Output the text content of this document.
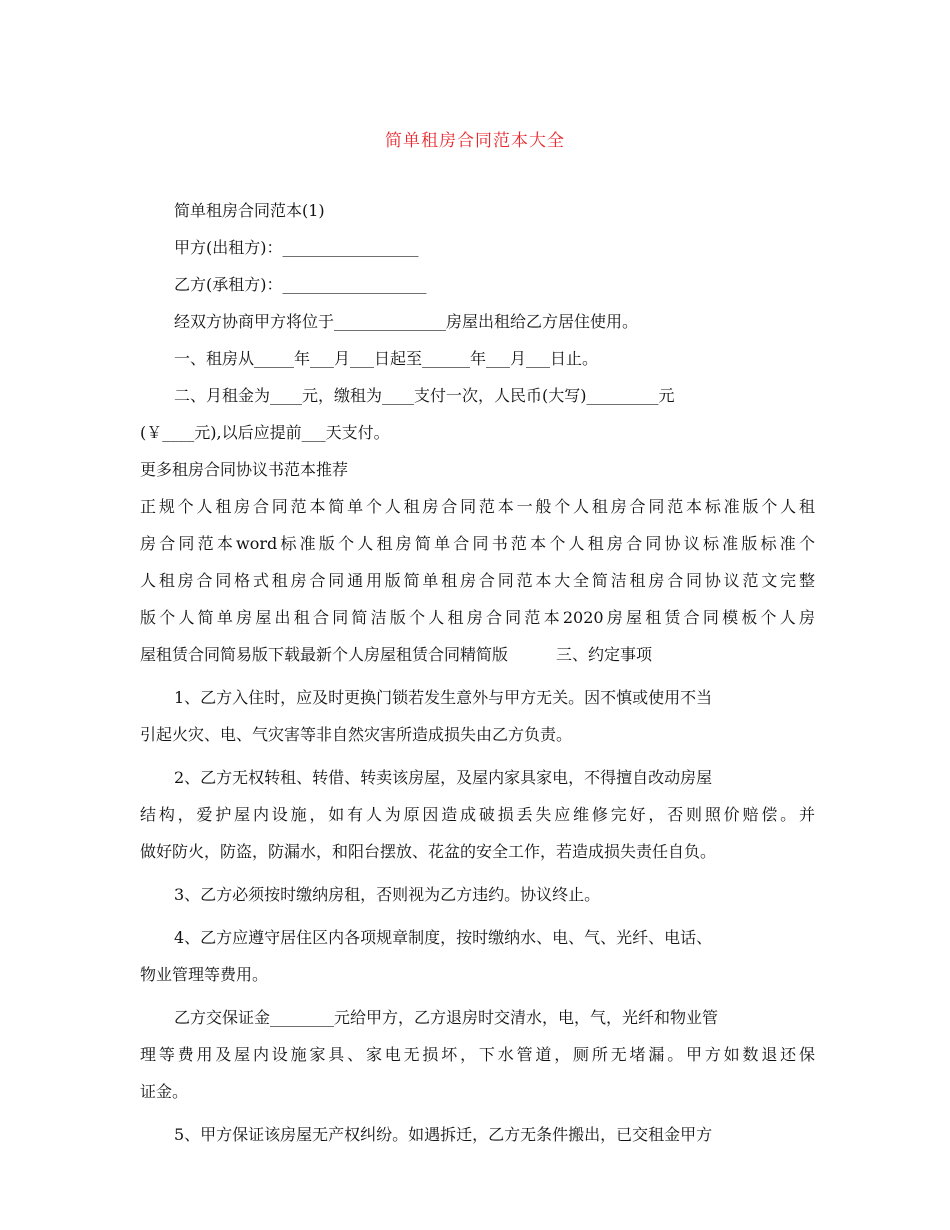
简单租房合同范本大全
简单租房合同范本(1)
甲方(出租方)：_________________
乙方(承租方)：__________________
经双方协商甲方将位于______________房屋出租给乙方居住使用。
一、租房从_____年___月___日起至______年___月___日止。
二、月租金为____元，缴租为____支付一次，人民币(大写)_________元
(￥____元),以后应提前___天支付。
更多租房合同协议书范本推荐
正规个人租房合同范本简单个人租房合同范本一般个人租房合同范本标准版个人租
房合同范本word标准版个人租房简单合同书范本个人租房合同协议标准版标准个
人租房合同格式租房合同通用版简单租房合同范本大全简洁租房合同协议范文完整
版个人简单房屋出租合同简洁版个人租房合同范本2020房屋租赁合同模板个人房
屋租赁合同简易版下载最新个人房屋租赁合同精简版　　　三、约定事项
1、乙方入住时，应及时更换门锁若发生意外与甲方无关。因不慎或使用不当
引起火灾、电、气灾害等非自然灾害所造成损失由乙方负责。
2、乙方无权转租、转借、转卖该房屋，及屋内家具家电，不得擅自改动房屋
结构，爱护屋内设施，如有人为原因造成破损丢失应维修完好，否则照价赔偿。并
做好防火，防盗，防漏水，和阳台摆放、花盆的安全工作，若造成损失责任自负。
3、乙方必须按时缴纳房租，否则视为乙方违约。协议终止。
4、乙方应遵守居住区内各项规章制度，按时缴纳水、电、气、光纤、电话、
物业管理等费用。
乙方交保证金________元给甲方，乙方退房时交清水，电，气，光纤和物业管
理等费用及屋内设施家具、家电无损坏，下水管道，厕所无堵漏。甲方如数退还保
证金。
5、甲方保证该房屋无产权纠纷。如遇拆迁，乙方无条件搬出，已交租金甲方
